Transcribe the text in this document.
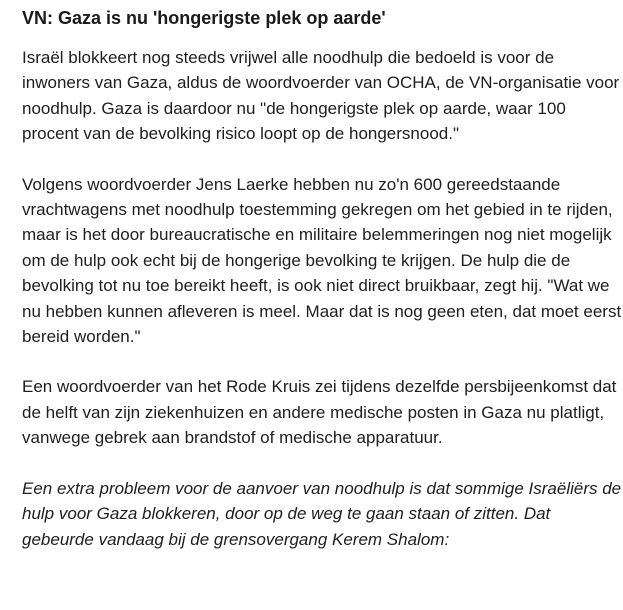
VN: Gaza is nu 'hongerigste plek op aarde'

Israël blokkeert nog steeds vrijwel alle noodhulp die bedoeld is voor de
inwoners van Gaza, aldus de woordvoerder van OCHA, de VN-organisatie voor
noodhulp. Gaza is daardoor nu "de hongerigste plek op aarde, waar 100
procent van de bevolking risico loopt op de hongersnood."

Volgens woordvoerder Jens Laerke hebben nu zo'n 600 gereedstaande
vrachtwagens met noodhulp toestemming gekregen om het gebied in te rijden,
maar is het door bureaucratische en militaire belemmeringen nog niet mogelijk
om de hulp ook echt bij de hongerige bevolking te krijgen. De hulp die de
bevolking tot nu toe bereikt heeft, is ook niet direct bruikbaar, zegt hij. "Wat we
nu hebben kunnen afleveren is meel. Maar dat is nog geen eten, dat moet eerst
bereid worden."

Een woordvoerder van het Rode Kruis zei tijdens dezelfde persbijeenkomst dat
de helft van zijn ziekenhuizen en andere medische posten in Gaza nu platligt,
vanwege gebrek aan brandstof of medische apparatuur.

Een extra probleem voor de aanvoer van noodhulp is dat sommige Israëliërs de
hulp voor Gaza blokkeren, door op de weg te gaan staan of zitten. Dat
gebeurde vandaag bij de grensovergang Kerem Shalom:
